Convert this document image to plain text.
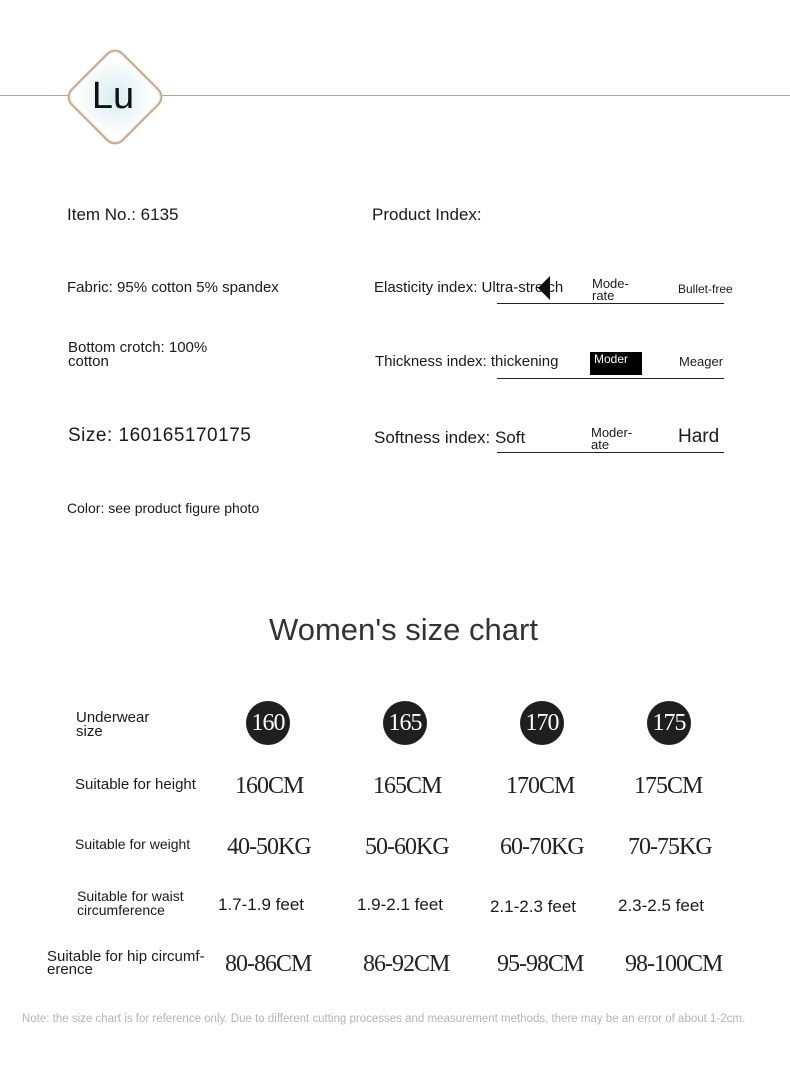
Lu
Item No.: 6135
Fabric: 95% cotton 5% spandex
Bottom crotch: 100%
cotton
Size: 160165170175
Color: see product figure photo
Product Index:
Elasticity index: Ultra-stretch Mode-
rate	Bullet-free
Thickness index: thickening	Moder	Meager
Softness index: Soft	Moder-
ate	Hard
Women's size chart
Underwear
size	160	165	170	175
Suitable for height 160CM	165CM	170CM 175CM
Suitable for weight 40-50KG 50-60KG 60-70KG 70-75KG
Suitable for waist
circumference	1.7-1.9 feet	1.9-2.1 feet	2.1-2.3 feet 2.3-2.5 feet
Suitable for hip circumf-
erence	80-86CM 86-92CM 95-98CM 98-100CM
Note: the size chart is for reference only. Due to different cutting processes and measurement methods, there may be an error of about 1-2cm.
